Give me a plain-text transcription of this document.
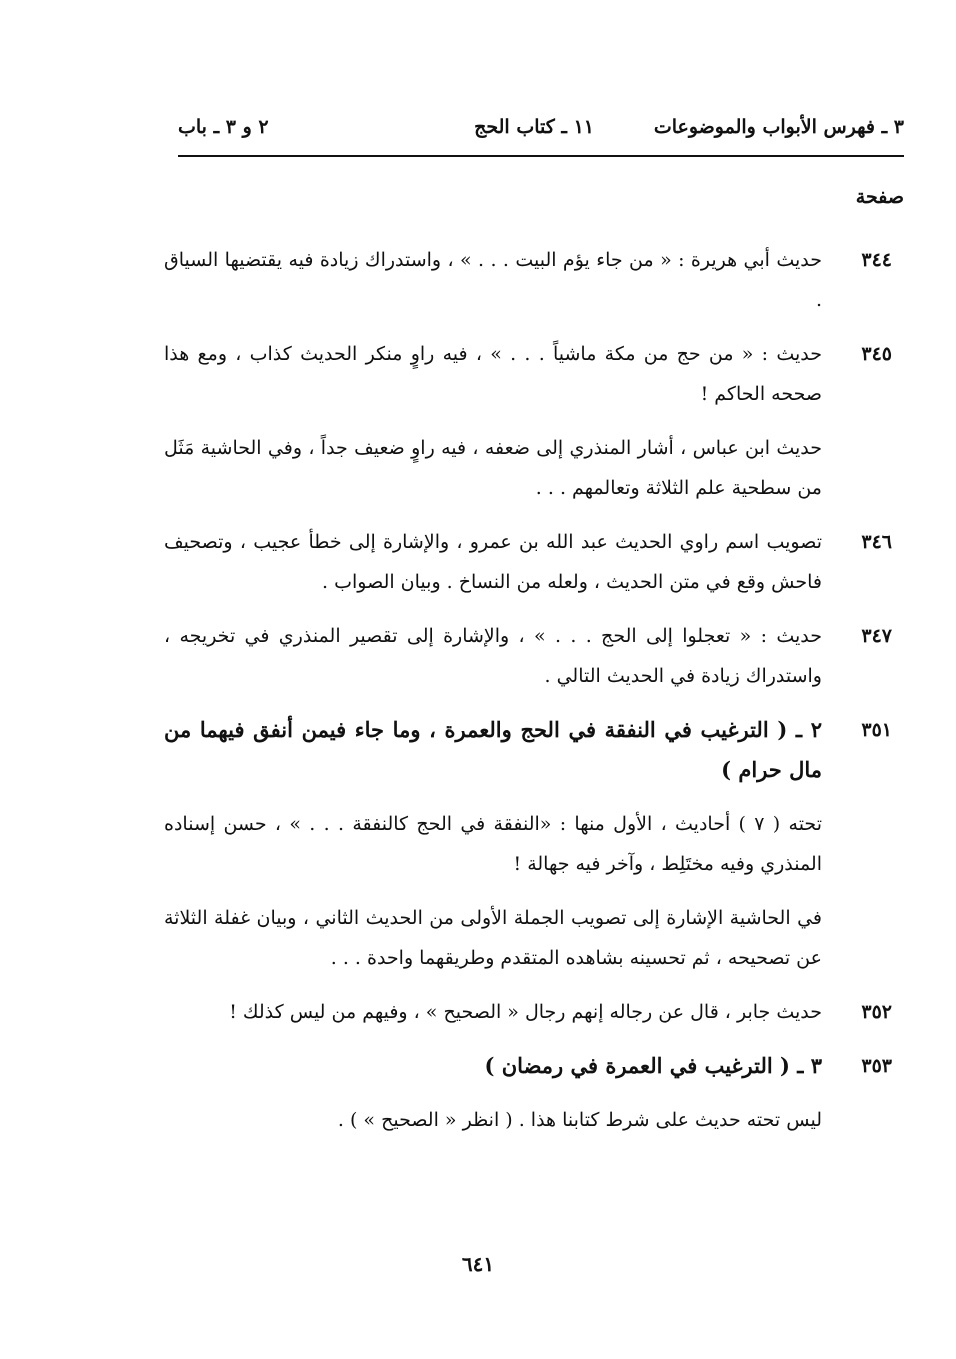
٣ ـ فهرس الأبواب والموضوعات
١١ ـ كتاب الحج
٢ و ٣ ـ باب
صفحة
٣٤٤
حديث أبي هريرة : « من جاء يؤم البيت . . . » ، واستدراك زيادة فيه يقتضيها السياق .
٣٤٥
حديث : « من حج من مكة ماشياً . . . » ، فيه راوٍ منكر الحديث كذاب ، ومع هذا صححه الحاكم !
حديث ابن عباس ، أشار المنذري إلى ضعفه ، فيه راوٍ ضعيف جداً ، وفي الحاشية مَثَل من سطحية علم الثلاثة وتعالمهم . . .
٣٤٦
تصويب اسم راوي الحديث عبد الله بن عمرو ، والإشارة إلى خطأ عجيب ، وتصحيف فاحش وقع في متن الحديث ، ولعله من النساخ . وبيان الصواب .
٣٤٧
حديث : « تعجلوا إلى الحج . . . » ، والإشارة إلى تقصير المنذري في تخريجه ، واستدراك زيادة في الحديث التالي .
٣٥١
٢ ـ ( الترغيب في النفقة في الحج والعمرة ، وما جاء فيمن أنفق فيهما من مال حرام )
تحته ( ٧ ) أحاديث ، الأول منها : «النفقة في الحج كالنفقة . . . » ، حسن إسناده المنذري وفيه مختَلِط ، وآخر فيه جهالة !
في الحاشية الإشارة إلى تصويب الجملة الأولى من الحديث الثاني ، وبيان غفلة الثلاثة عن تصحيحه ، ثم تحسينه بشاهده المتقدم وطريقهما واحدة . . .
٣٥٢
حديث جابر ، قال عن رجاله إنهم رجال « الصحيح » ، وفيهم من ليس كذلك !
٣٥٣
٣ ـ ( الترغيب في العمرة في رمضان )
ليس تحته حديث على شرط كتابنا هذا . ( انظر « الصحيح » ) .
٦٤١
